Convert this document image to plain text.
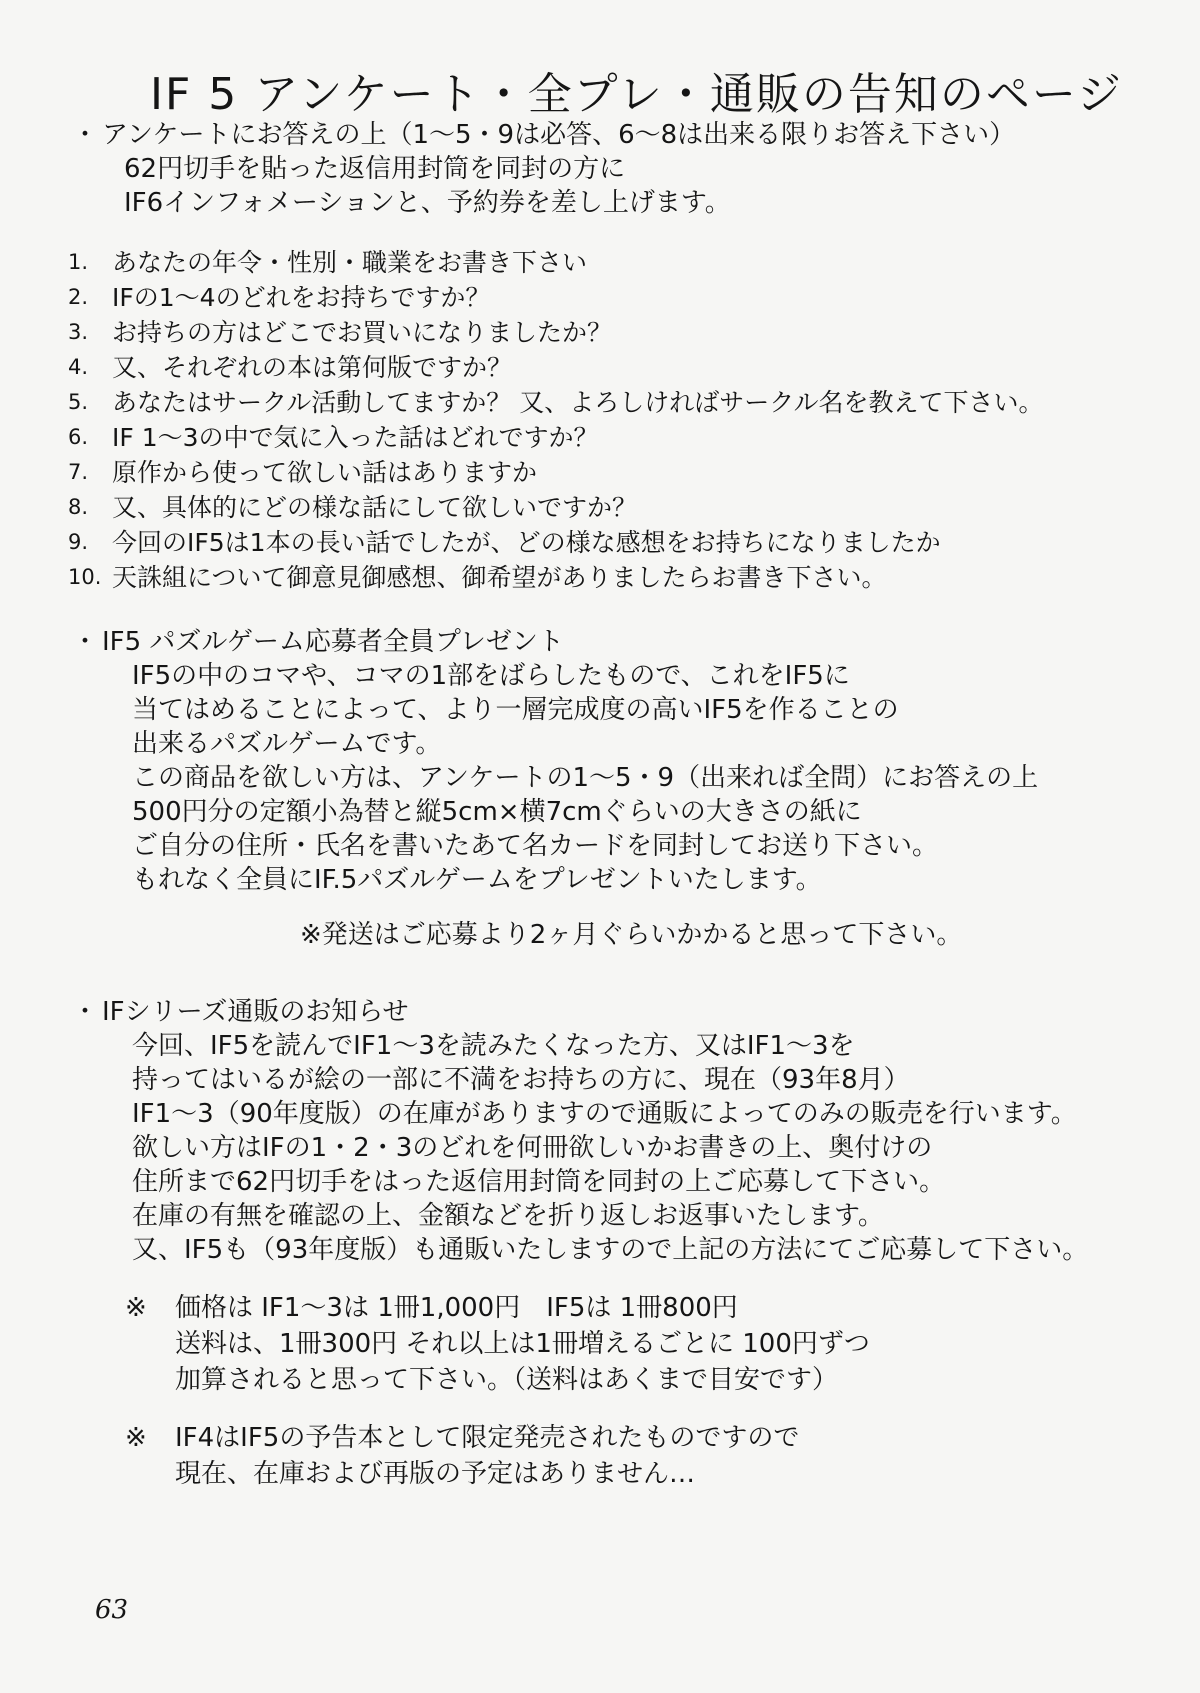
IF 5 アンケート・全プレ・通販の告知のページ
・ アンケートにお答えの上（1〜5・9は必答、6〜8は出来る限りお答え下さい）
62円切手を貼った返信用封筒を同封の方に
IF6インフォメーションと、予約券を差し上げます。
1. あなたの年令・性別・職業をお書き下さい
2. IFの1〜4のどれをお持ちですか？
3. お持ちの方はどこでお買いになりましたか？
4. 又、それぞれの本は第何版ですか？
5. あなたはサークル活動してますか？ 又、よろしければサークル名を教えて下さい。
6. IF 1〜3の中で気に入った話はどれですか？
7. 原作から使って欲しい話はありますか
8. 又、具体的にどの様な話にして欲しいですか？
9. 今回のIF5は1本の長い話でしたが、どの様な感想をお持ちになりましたか
10. 天誅組について御意見御感想、御希望がありましたらお書き下さい。
・ IF5 パズルゲーム応募者全員プレゼント
IF5の中のコマや、コマの1部をばらしたもので、これをIF5に
当てはめることによって、より一層完成度の高いIF5を作ることの
出来るパズルゲームです。
この商品を欲しい方は、アンケートの1〜5・9（出来れば全問）にお答えの上
500円分の定額小為替と縦5cm×横7cmぐらいの大きさの紙に
ご自分の住所・氏名を書いたあて名カードを同封してお送り下さい。
もれなく全員にIF.5パズルゲームをプレゼントいたします。
※発送はご応募より2ヶ月ぐらいかかると思って下さい。
・ IFシリーズ通販のお知らせ
今回、IF5を読んでIF1〜3を読みたくなった方、又はIF1〜3を
持ってはいるが絵の一部に不満をお持ちの方に、現在（93年8月）
IF1〜3（90年度版）の在庫がありますので通販によってのみの販売を行います。
欲しい方はIFの1・2・3のどれを何冊欲しいかお書きの上、奥付けの
住所まで62円切手をはった返信用封筒を同封の上ご応募して下さい。
在庫の有無を確認の上、金額などを折り返しお返事いたします。
又、IF5も（93年度版）も通販いたしますので上記の方法にてご応募して下さい。
※	価格は IF1〜3は 1冊1,000円　IF5は 1冊800円
送料は、1冊300円 それ以上は1冊増えるごとに 100円ずつ
加算されると思って下さい。（送料はあくまで目安です）
※	IF4はIF5の予告本として限定発売されたものですので
現在、在庫および再版の予定はありません…
63
